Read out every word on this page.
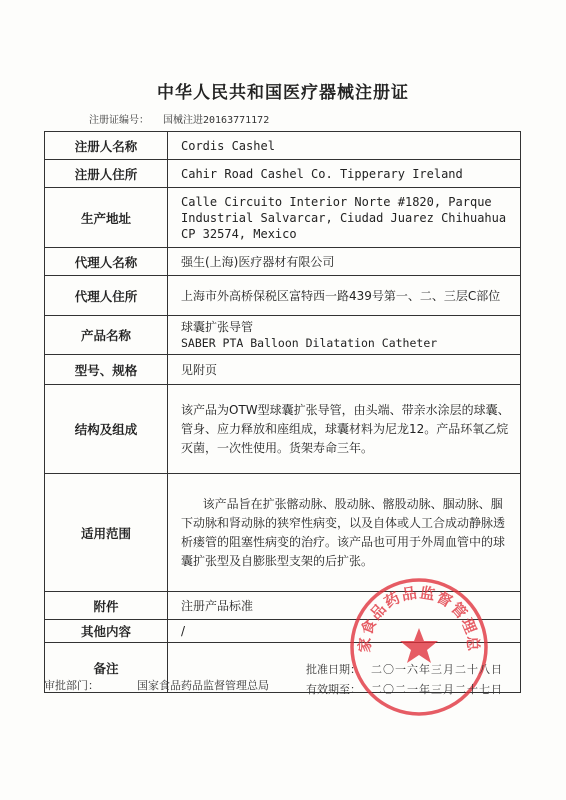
中华人民共和国医疗器械注册证
注册证编号： 国械注进20163771172
注册人名称	Cordis Cashel
注册人住所	Cahir Road Cashel Co. Tipperary Ireland
生产地址	Calle Circuito Interior Norte #1820, Parque Industrial Salvarcar, Ciudad Juarez Chihuahua CP 32574, Mexico
代理人名称	强生(上海)医疗器材有限公司
代理人住所	上海市外高桥保税区富特西一路439号第一、二、三层C部位
产品名称	球囊扩张导管
SABER PTA Balloon Dilatation Catheter

型号、规格	见附页
结构及组成	该产品为OTW型球囊扩张导管，由头端、带亲水涂层的球囊、管身、应力释放和座组成，球囊材料为尼龙12。产品环氧乙烷灭菌，一次性使用。货架寿命三年。
适用范围	该产品旨在扩张髂动脉、股动脉、髂股动脉、腘动脉、腘下动脉和肾动脉的狭窄性病变，以及自体或人工合成动静脉透析瘘管的阻塞性病变的治疗。该产品也可用于外周血管中的球囊扩张型及自膨胀型支架的后扩张。
附件	注册产品标准
其他内容	/
备注	
家食品药品监督管理总
审批部门：	国家食品药品监督管理总局
批准日期： 二〇一六年三月二十八日
有效期至： 二〇二一年三月二十七日
